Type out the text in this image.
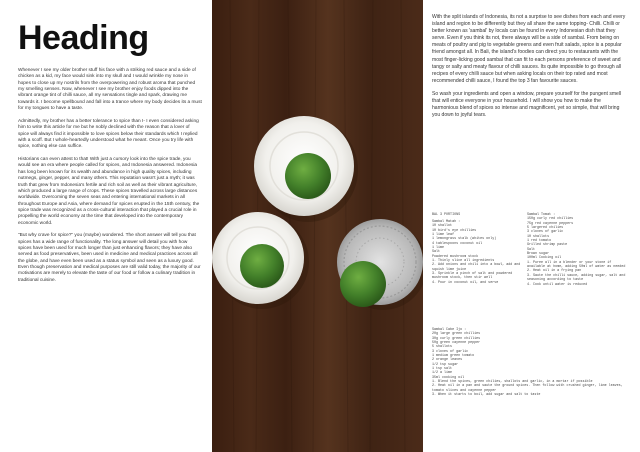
Heading

Whenever I see my older brother stuff his face with a striking red sauce and a side of chicken as a kid, my face would sink into my skull and I would wrinkle my nose in hopes to close up my nostrils from the overpowering and robust aroma that punched my smelling senses. Now, whenever I see my brother enjoy foods dipped into the vibrant orange tint of chilli sauce, all my sensations tingle and spark, drawing me towards it. I become spellbound and fall into a trance where my body decides its a must for my tongues to have a taste.

Admittedly, my brother has a better tolerance to spice than I- I even considered asking him to write this article for me but he nobly declined with the reason that a lover of spice will always find it impossible to love spices below their standards which I replied with a scoff. But I whole-heartedly understood what he meant. Once you try life with spice, nothing else can suffice.

Historians can even attest to that! With just a cursory look into the spice trade, you would see an era where people called for spices, and Indonesia answered. Indonesia has long been known for its wealth and abundance in high quality spices, including nutmegs, ginger, pepper, and many others. This reputation wasn't just a myth; it was truth that grew from Indonesia's fertile and rich soil as well as their vibrant agriculture, which produced a large range of crops. These spices travelled across large distances worldwide. Overcoming the seven seas and entering international markets in all throughout Europe and Asia, where demand for spices erupted in the 15th century, the spice trade was recognized as a cross-cultural interaction that played a crucial role in propelling the world economy at the time that developed into the contemporary economic world.

"But why crave for spice?" you (maybe) wondered. The short answer will tell you that spices has a wide range of functionality. The long answer will detail you with how spices have been used for much longer than just enhancing flavors; they have also served as food preservatives, been used in medicine and medical practices across all the globe, and have even been used as a status symbol and seen as a luxury good. Even though preservation and medical purposes are still valid today, the majority of our motivations are merely to elevate the taste of our food or follow a culinary tradition in traditional cuisine.

With the split islands of Indonesia, its not a surprise to see dishes from each and every island and region to be differently but they all share the same topping- Chilli. Chilli or better known as 'sambal' by locals can be found in every Indonesian dish that they serve. Even if you think its not, there always will be a side of sambal. From being on meats of poultry and pig to vegetable greens and even fruit salads, spice is a popular friend amongst all. In Bali, the island's foodies can direct you to restaurants with the most finger-licking good sambal that can fit to each persons preference of sweet and tangy or salty and meaty flavour of chilli sauces. Its quite impossible to go through all recipes of every chilli sauce but when asking locals on their top rated and most recommended chilli sauce, I found the top 3 fan favourite sauces.

So wash your ingredients and open a window, prepare yourself for the pungent smell that will entice everyone in your household. I will show you how to make the harmonious blend of spices so intense and magnificent, yet so simple, that will bring you down to joyful tears.

BAL 3 PORTIONS
Sambal Matah :
10 shallot
10 bird's eye chillies
1 lime leaf
1 lemongrass stalk (whites only)
4 tablespoons coconut oil
1 lime
Salt
Powdered mushroom stock
1. Thinly slice all ingredients
2. Add onions and chili into a bowl, add and squish lime juice
3. Sprinkle a pinch of salt and powdered mushroom stock, then stir well
4. Pour in coconut oil, and serve
Sambal Tomat :
150g curly red chillies
75g red cayenne peppers
5 largered chilies
3 cloves of garlic
10 shallots
1 red tomato
Grilled shrimp paste
Salt
Brown sugar
100ml Cooking oil
1. Puree all in a blender or your stone if available at home, adding 50ml of water as needed
2. Heat oil in a frying pan
3. Saute the chilli sauce, adding sugar, salt and seasoning according to taste
4. Cook until water is reduced
Sambal Cabe Ijo :
20g large green chillies
30g curly green chillies
50g green cayenne pepper
5 shallots
3 cloves of garlic
1 medium green tomato
2 orange leaves
1/2 tsp sugar
1 tsp salt
1/2 a lime
35ml cooking oil
1. Blend the spices, green chilies, shallots and garlic, in a mortar if possible
2. Heat oil in a pan and saute the ground spices. Then follow with crushed ginger, lime leaves, tomato slices and cayenne pepper
3. When it starts to boil, add sugar and salt to taste
